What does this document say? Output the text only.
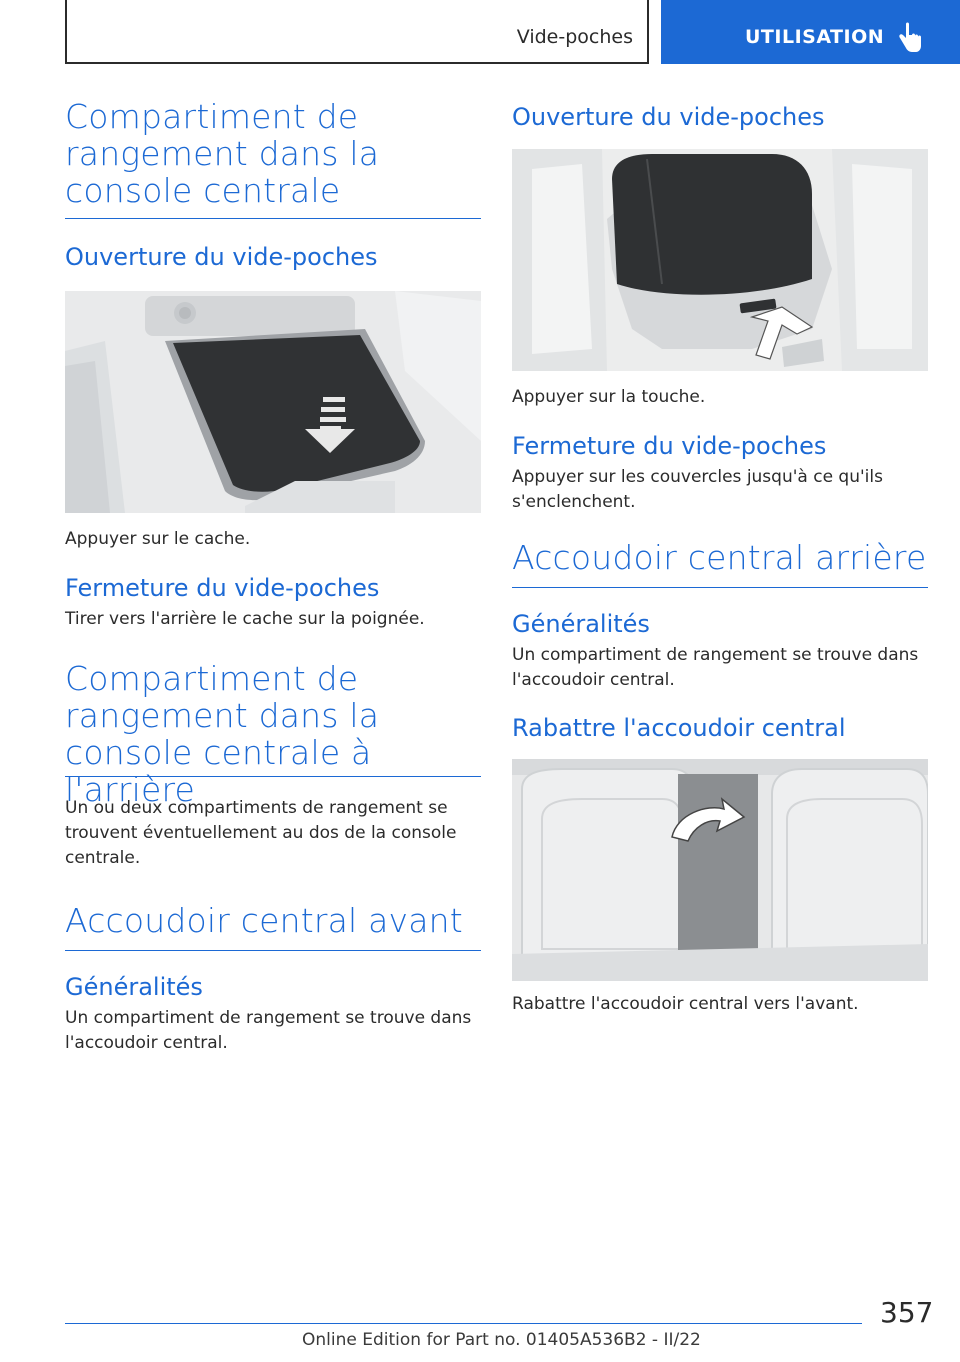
Vide-poches	UTILISATION
Compartiment de rangement dans la console centrale
Ouverture du vide-poches
Appuyer sur le cache.
Fermeture du vide-poches
Tirer vers l'arrière le cache sur la poignée.
Compartiment de rangement dans la console centrale à l'arrière
Un ou deux compartiments de rangement se trouvent éventuellement au dos de la console centrale.
Accoudoir central avant
Généralités
Un compartiment de rangement se trouve dans l'accoudoir central.
Ouverture du vide-poches
Appuyer sur la touche.
Fermeture du vide-poches
Appuyer sur les couvercles jusqu'à ce qu'ils s'enclenchent.
Accoudoir central arrière
Généralités
Un compartiment de rangement se trouve dans l'accoudoir central.
Rabattre l'accoudoir central
Rabattre l'accoudoir central vers l'avant.
357
Online Edition for Part no. 01405A536B2 - II/22
